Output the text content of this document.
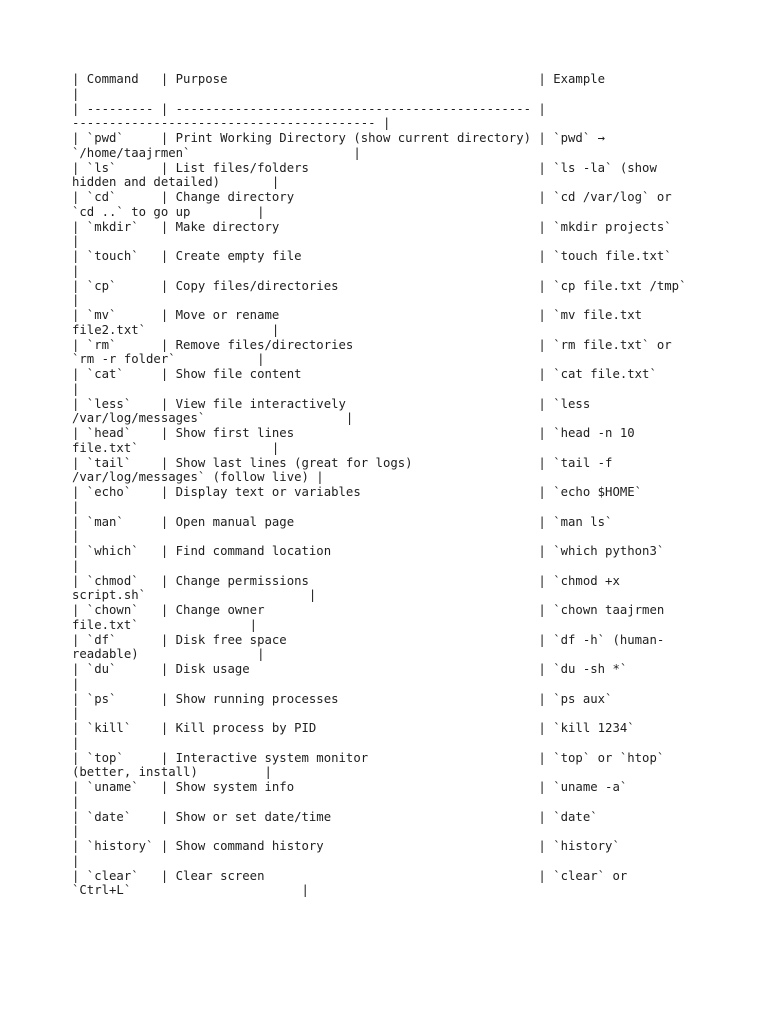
| Command   | Purpose                                          | Example
|
| --------- | ------------------------------------------------ |
----------------------------------------- |
| `pwd`     | Print Working Directory (show current directory) | `pwd` →
`/home/taajrmen`                      |
| `ls`      | List files/folders                               | `ls -la` (show
hidden and detailed)       |
| `cd`      | Change directory                                 | `cd /var/log` or
`cd ..` to go up         |
| `mkdir`   | Make directory                                   | `mkdir projects`
|
| `touch`   | Create empty file                                | `touch file.txt`
|
| `cp`      | Copy files/directories                           | `cp file.txt /tmp`
|
| `mv`      | Move or rename                                   | `mv file.txt
file2.txt`                 |
| `rm`      | Remove files/directories                         | `rm file.txt` or
`rm -r folder`           |
| `cat`     | Show file content                                | `cat file.txt`
|
| `less`    | View file interactively                          | `less
/var/log/messages`                   |
| `head`    | Show first lines                                 | `head -n 10
file.txt`                  |
| `tail`    | Show last lines (great for logs)                 | `tail -f
/var/log/messages` (follow live) |
| `echo`    | Display text or variables                        | `echo $HOME`
|
| `man`     | Open manual page                                 | `man ls`
|
| `which`   | Find command location                            | `which python3`
|
| `chmod`   | Change permissions                               | `chmod +x
script.sh`                      |
| `chown`   | Change owner                                     | `chown taajrmen
file.txt`               |
| `df`      | Disk free space                                  | `df -h` (human-
readable)                |
| `du`      | Disk usage                                       | `du -sh *`
|
| `ps`      | Show running processes                           | `ps aux`
|
| `kill`    | Kill process by PID                              | `kill 1234`
|
| `top`     | Interactive system monitor                       | `top` or `htop`
(better, install)         |
| `uname`   | Show system info                                 | `uname -a`
|
| `date`    | Show or set date/time                            | `date`
|
| `history` | Show command history                             | `history`
|
| `clear`   | Clear screen                                     | `clear` or
`Ctrl+L`                       |
